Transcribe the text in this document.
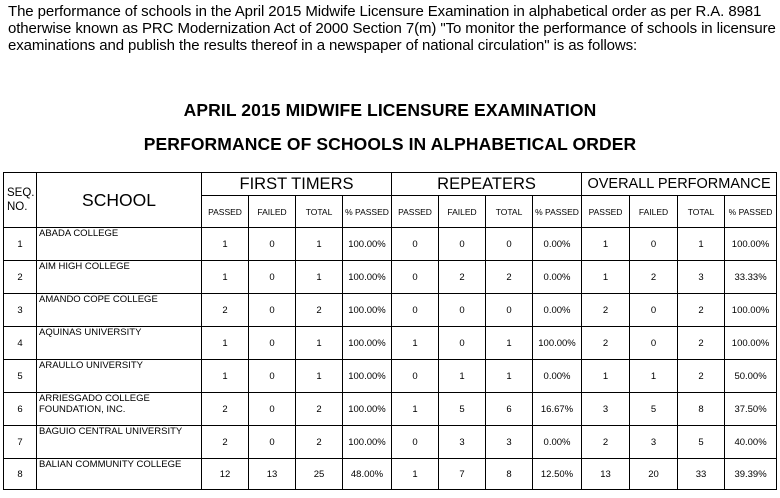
The performance of schools in the April 2015 Midwife Licensure Examination in alphabetical order as per R.A. 8981 otherwise known as PRC Modernization Act of 2000 Section 7(m) "To monitor the performance of schools in licensure examinations and publish the results thereof in a newspaper of national circulation" is as follows:
APRIL 2015 MIDWIFE LICENSURE EXAMINATION
PERFORMANCE OF SCHOOLS IN ALPHABETICAL ORDER
SEQ.
NO.	SCHOOL	FIRST TIMERS				REPEATERS				OVERALL PERFORMANCE			
		PASSED	FAILED	TOTAL	% PASSED	PASSED	FAILED	TOTAL	% PASSED	PASSED	FAILED	TOTAL	% PASSED
1	ABADA COLLEGE	1	0	1	100.00%	0	0	0	0.00%	1	0	1	100.00%
2	AIM HIGH COLLEGE	1	0	1	100.00%	0	2	2	0.00%	1	2	3	33.33%
3	AMANDO COPE COLLEGE	2	0	2	100.00%	0	0	0	0.00%	2	0	2	100.00%
4	AQUINAS UNIVERSITY	1	0	1	100.00%	1	0	1	100.00%	2	0	2	100.00%
5	ARAULLO UNIVERSITY	1	0	1	100.00%	0	1	1	0.00%	1	1	2	50.00%
6	ARRIESGADO COLLEGE FOUNDATION, INC.	2	0	2	100.00%	1	5	6	16.67%	3	5	8	37.50%
7	BAGUIO CENTRAL UNIVERSITY	2	0	2	100.00%	0	3	3	0.00%	2	3	5	40.00%
8	BALIAN COMMUNITY COLLEGE	12	13	25	48.00%	1	7	8	12.50%	13	20	33	39.39%
